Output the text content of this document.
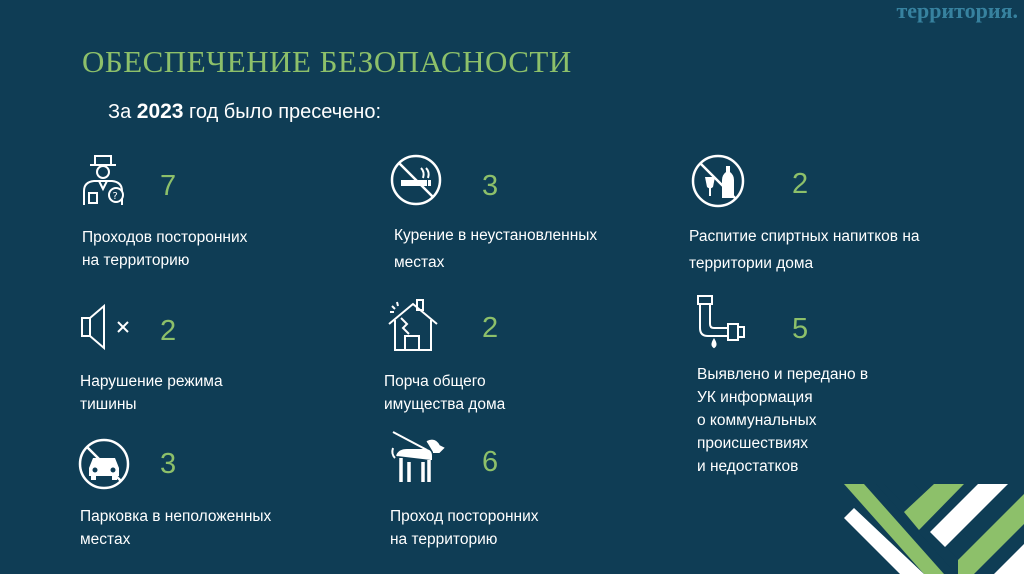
территория.
ОБЕСПЕЧЕНИЕ БЕЗОПАСНОСТИ
За 2023 год было пресечено:
? 7
Проходов посторонних
на территорию
3
Курение в неустановленных
местах
2
Распитие спиртных напитков на
территории дома
2
Нарушение режима
тишины
2
Порча общего
имущества дома
5
Выявлено и передано в
УК информация
о коммунальных
происшествиях
и недостатков
3
Парковка в неположенных
местах
6
Проход посторонних
на территорию
